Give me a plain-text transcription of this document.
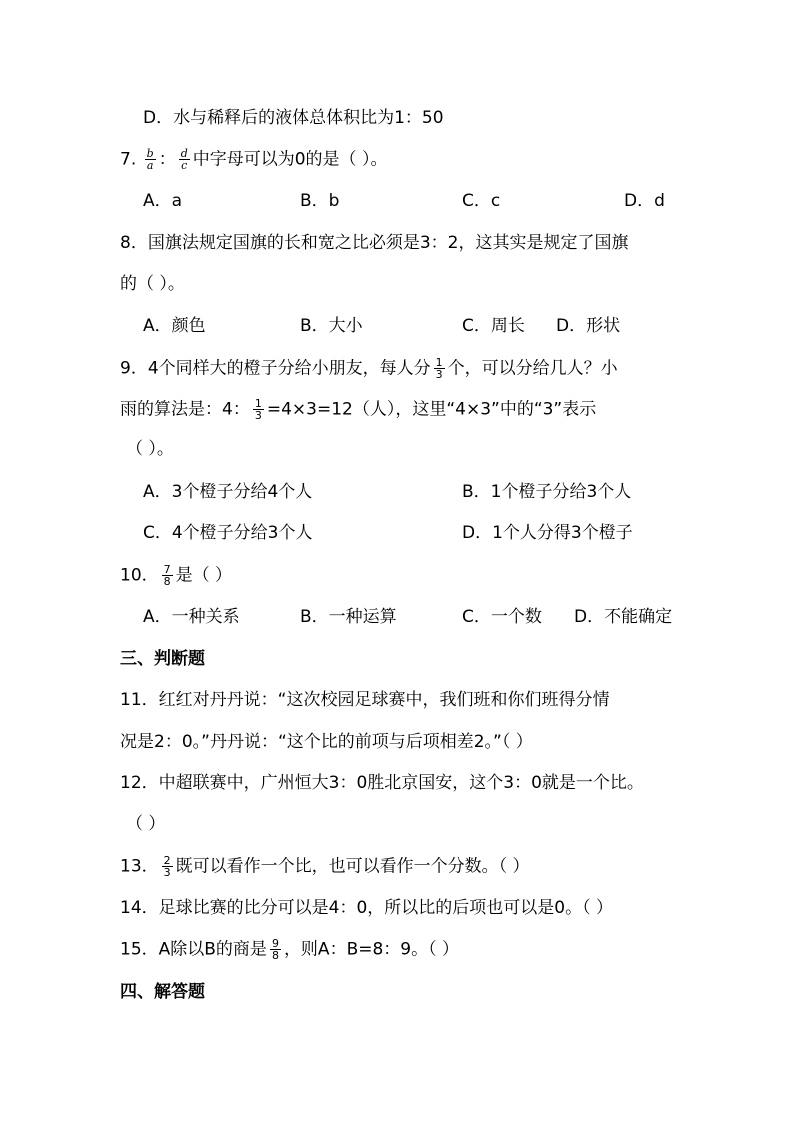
D．水与稀释后的液体总体积比为1：50
7. $\frac{b}{a}$ ： $\frac{d}{c}$ 中字母可以为0的是（ ）。
A．a	B．b	C．c	D．d
8．国旗法规定国旗的长和宽之比必须是3：2，这其实是规定了国旗
的（ ）。
A．颜色	B．大小	C．周长 D．形状
9．4个同样大的橙子分给小朋友，每人分 $\frac{1}{3}$ 个，可以分给几人？小
雨的算法是：4： $\frac{1}{3} =4\times 3=12$（人），这里“4×3”中的“3”表示
（ ）。
A．3个橙子分给4个人	B．1个橙子分给3个人
C．4个橙子分给3个人	D．1个人分得3个橙子
10． $\frac{7}{8}$ 是（ ）
A．一种关系	B．一种运算	C．一个数 D．不能确定
三、判断题
11．红红对丹丹说：“这次校园足球赛中，我们班和你们班得分情
况是2：0。”丹丹说：“这个比的前项与后项相差2。”（ ）
12．中超联赛中，广州恒大3：0胜北京国安，这个3：0就是一个比。
（ ）
13． $\frac{2}{3}$ 既可以看作一个比，也可以看作一个分数。（ ）
14．足球比赛的比分可以是4：0，所以比的后项也可以是0。（ ）
15．A除以B的商是 $\frac{9}{8}$ ，则A：B=8：9。（ ）
四、解答题
